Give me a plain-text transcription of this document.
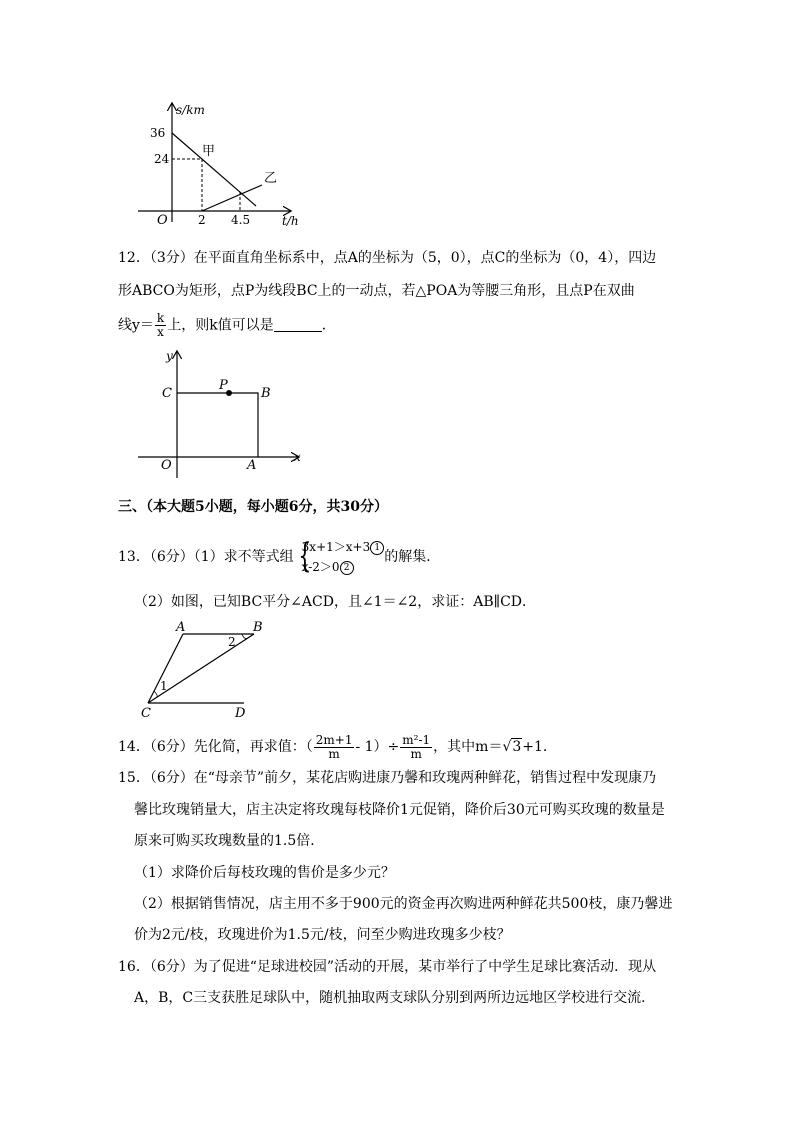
s/km
t/h
O
36
24
2 4.5
甲
乙
12．（3分）在平面直角坐标系中，点A的坐标为（5，0），点C的坐标为（0，4），四边
形ABCO为矩形，点P为线段BC上的一动点，若△POA为等腰三角形，且点P在双曲
线$y= \frac{k}{x}$ 上，则k值可以是	．
y
x
O
C
P
B
A
三、（本大题5小题，每小题6分，共30分）
13．（6分）（1）求不等式组 {
3x+1＞x+3 1
x-2＞0 2
的解集．
（2）如图，已知BC平分∠ACD，且∠1＝∠2，求证：AB∥CD．
A	B
C	D
1
2
14．（6分）先化简，再求值：（ $\frac{2m+1}{m} - 1)\div \frac{\text{m²-1}}{m}$ ，其中m＝√3+1．
15．（6分）在“母亲节”前夕，某花店购进康乃馨和玫瑰两种鲜花，销售过程中发现康乃
馨比玫瑰销量大，店主决定将玫瑰每枝降价1元促销，降价后30元可购买玫瑰的数量是
原来可购买玫瑰数量的1.5倍．
（1）求降价后每枝玫瑰的售价是多少元？
（2）根据销售情况，店主用不多于900元的资金再次购进两种鲜花共500枝，康乃馨进
价为2元/枝，玫瑰进价为1.5元/枝，问至少购进玫瑰多少枝？
16．（6分）为了促进“足球进校园”活动的开展，某市举行了中学生足球比赛活动．现从
A，B，C三支获胜足球队中，随机抽取两支球队分别到两所边远地区学校进行交流．
